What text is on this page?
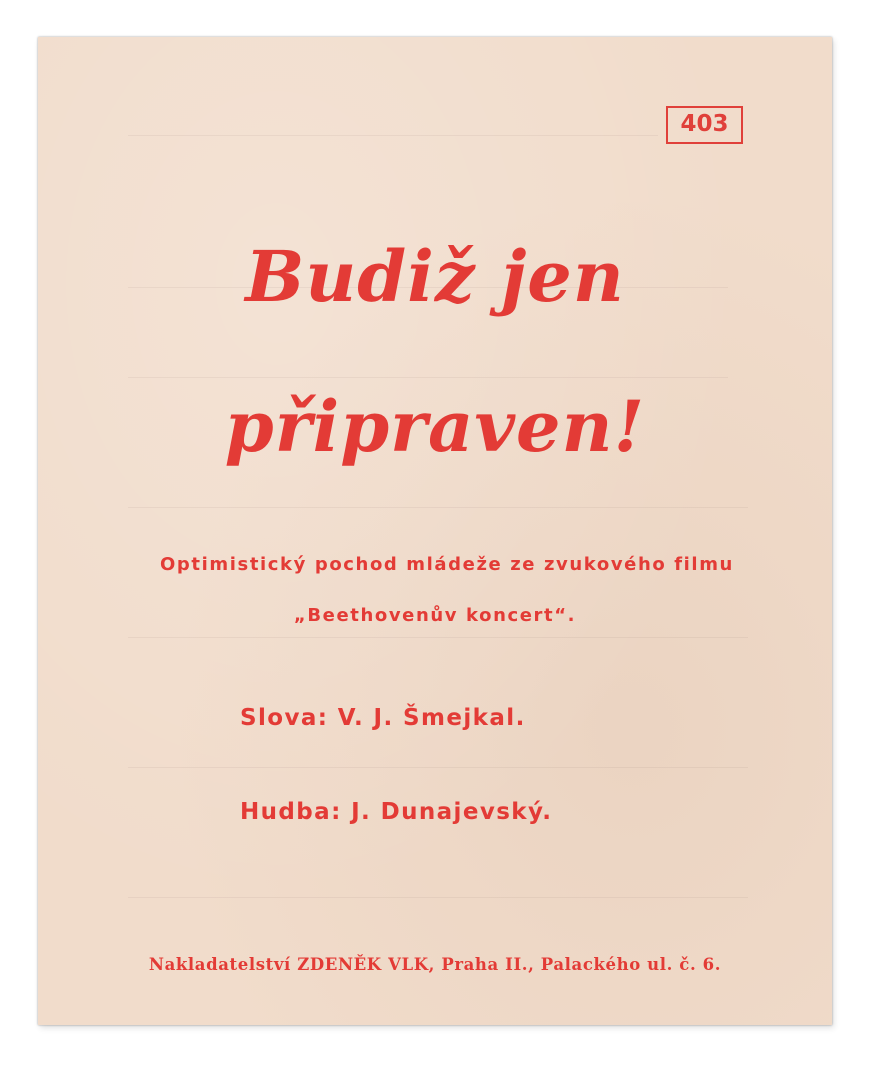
403
Budiž jen
připraven!
Optimistický pochod mládeže ze zvukového filmu
„Beethovenův koncert“.
Slova: V. J. Šmejkal.
Hudba: J. Dunajevský.
Nakladatelství ZDENĚK VLK, Praha II., Palackého ul. č. 6.
